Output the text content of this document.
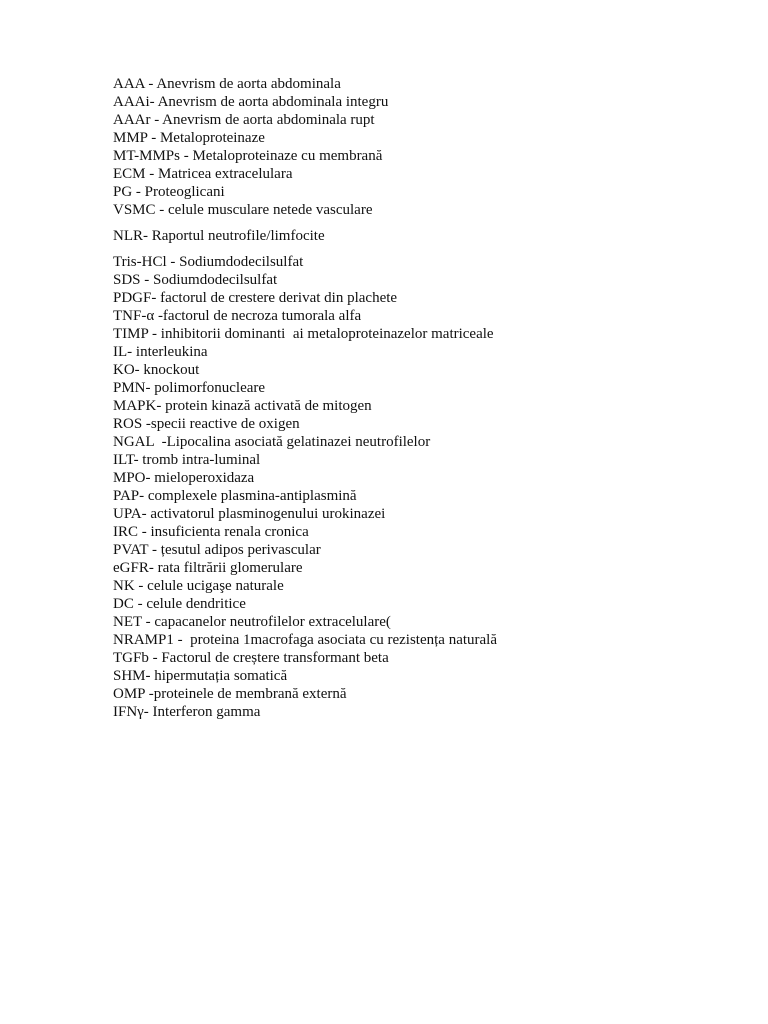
AAA - Anevrism de aorta abdominala
AAAi- Anevrism de aorta abdominala integru
AAAr - Anevrism de aorta abdominala rupt
MMP - Metaloproteinaze
MT-MMPs - Metaloproteinaze cu membrană
ECM - Matricea extracelulara
PG - Proteoglicani
VSMC - celule musculare netede vasculare
NLR- Raportul neutrofile/limfocite
Tris-HCl - Sodiumdodecilsulfat
SDS - Sodiumdodecilsulfat
PDGF- factorul de crestere derivat din plachete
TNF-α -factorul de necroza tumorala alfa
TIMP - inhibitorii dominanti  ai metaloproteinazelor matriceale
IL- interleukina
KO- knockout
PMN- polimorfonucleare
MAPK- protein kinază activată de mitogen
ROS -specii reactive de oxigen
NGAL  -Lipocalina asociată gelatinazei neutrofilelor
ILT- tromb intra-luminal
MPO- mieloperoxidaza
PAP- complexele plasmina-antiplasmină
UPA- activatorul plasminogenului urokinazei
IRC - insuficienta renala cronica
PVAT - țesutul adipos perivascular
eGFR- rata filtrării glomerulare
NK - celule ucigaşe naturale
DC - celule dendritice
NET - capacanelor neutrofilelor extracelulare(
NRAMP1 -  proteina 1macrofaga asociata cu rezistența naturală
TGFb - Factorul de creștere transformant beta
SHM- hipermutația somatică
OMP -proteinele de membrană externă
IFNγ- Interferon gamma
